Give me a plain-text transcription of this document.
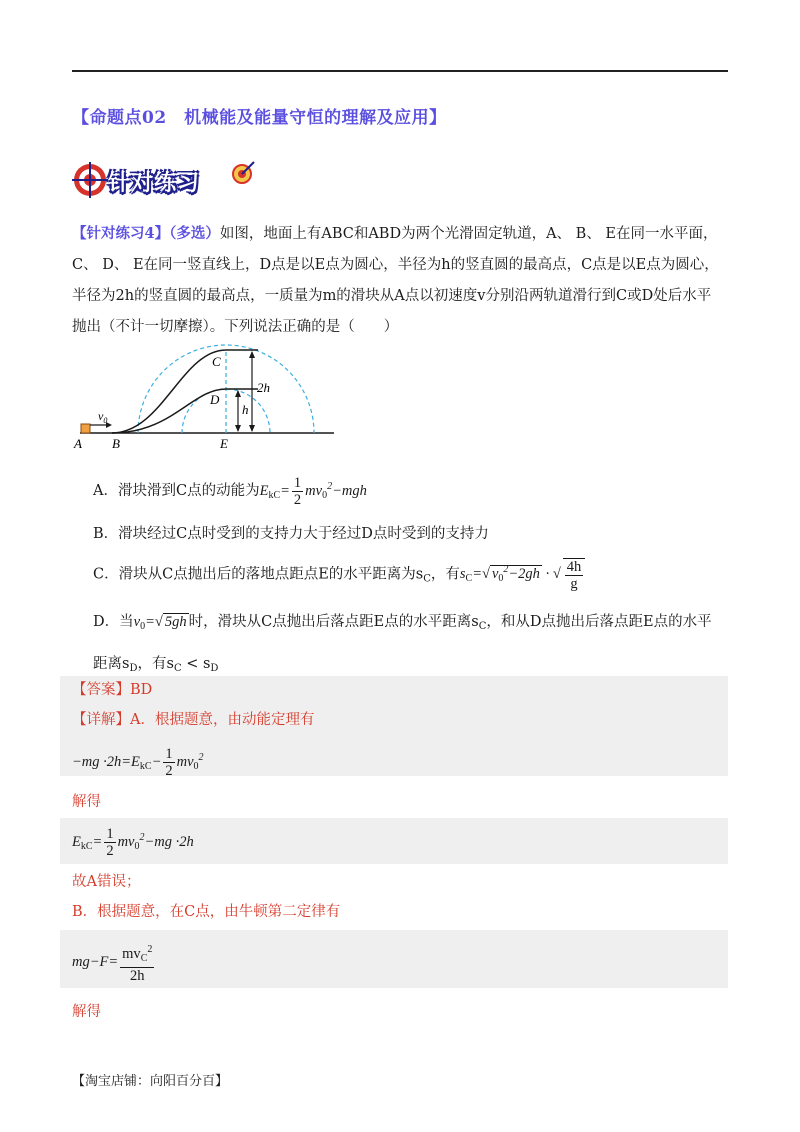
【命题点02　机械能及能量守恒的理解及应用】
针对练习
【针对练习4】（多选）如图，地面上有ABC和ABD为两个光滑固定轨道，A、 B、 E在同一水平面，
C、 D、 E在同一竖直线上，D点是以E点为圆心，半径为h的竖直圆的最高点，C点是以E点为圆心，
半径为2h的竖直圆的最高点，一质量为m的滑块从A点以初速度v分别沿两轨道滑行到C或D处后水平
抛出（不计一切摩擦）。下列说法正确的是（　　）
$v_0$
A B	E
C
D
2h
h
A．滑块滑到C点的动能为$E_{kC}= \frac{1}{2} mv_0^2-mgh$
B．滑块经过C点时受到的支持力大于经过D点时受到的支持力
C．滑块从C点抛出后的落地点距点E的水平距离为$s_C$，有$s_C=√$ $v_0^2-2gh$ · √ $\frac{4h}{g}$
D．当$v_0=√$ 5gh 时，滑块从C点抛出后落点距E点的水平距离$s_C$，和从D点抛出后落点距E点的水平
距离$s_D$，有$s_C < s_D$
【答案】BD
【详解】A．根据题意，由动能定理有
$-mg \cdot 2h=E_{kC}- \frac{1}{2} mv_0^2$
解得
$E_{kC}= \frac{1}{2} mv_0^2-mg \cdot 2h$
故A错误；
B．根据题意，在C点，由牛顿第二定律有
$mg-F= \frac{mv_C^2}{2h}$
解得
【淘宝店铺：向阳百分百】
